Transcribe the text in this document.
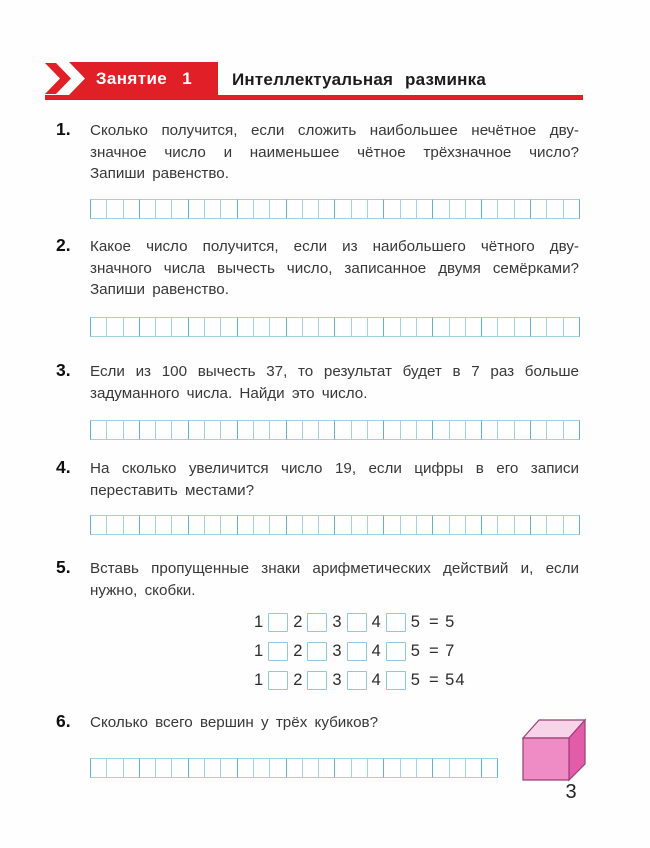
Занятие 1	Интеллектуальная разминка
1.	Сколько получится, если сложить наибольшее нечётное дву-
значное число и наименьшее чётное трёхзначное число?
Запиши равенство.
2.	Какое число получится, если из наибольшего чётного дву-
значного числа вычесть число, записанное двумя семёрками?
Запиши равенство.
3.	Если из 100 вычесть 37, то результат будет в 7 раз больше
задуманного числа. Найди это число.
4.	На сколько увеличится число 19, если цифры в его записи
переставить местами?
5.	Вставь пропущенные знаки арифметических действий и, если
нужно, скобки.
1 2 3 4 5 = 5
1 2 3 4 5 = 7
1 2 3 4 5 = 54
6.	Сколько всего вершин у трёх кубиков?
3
